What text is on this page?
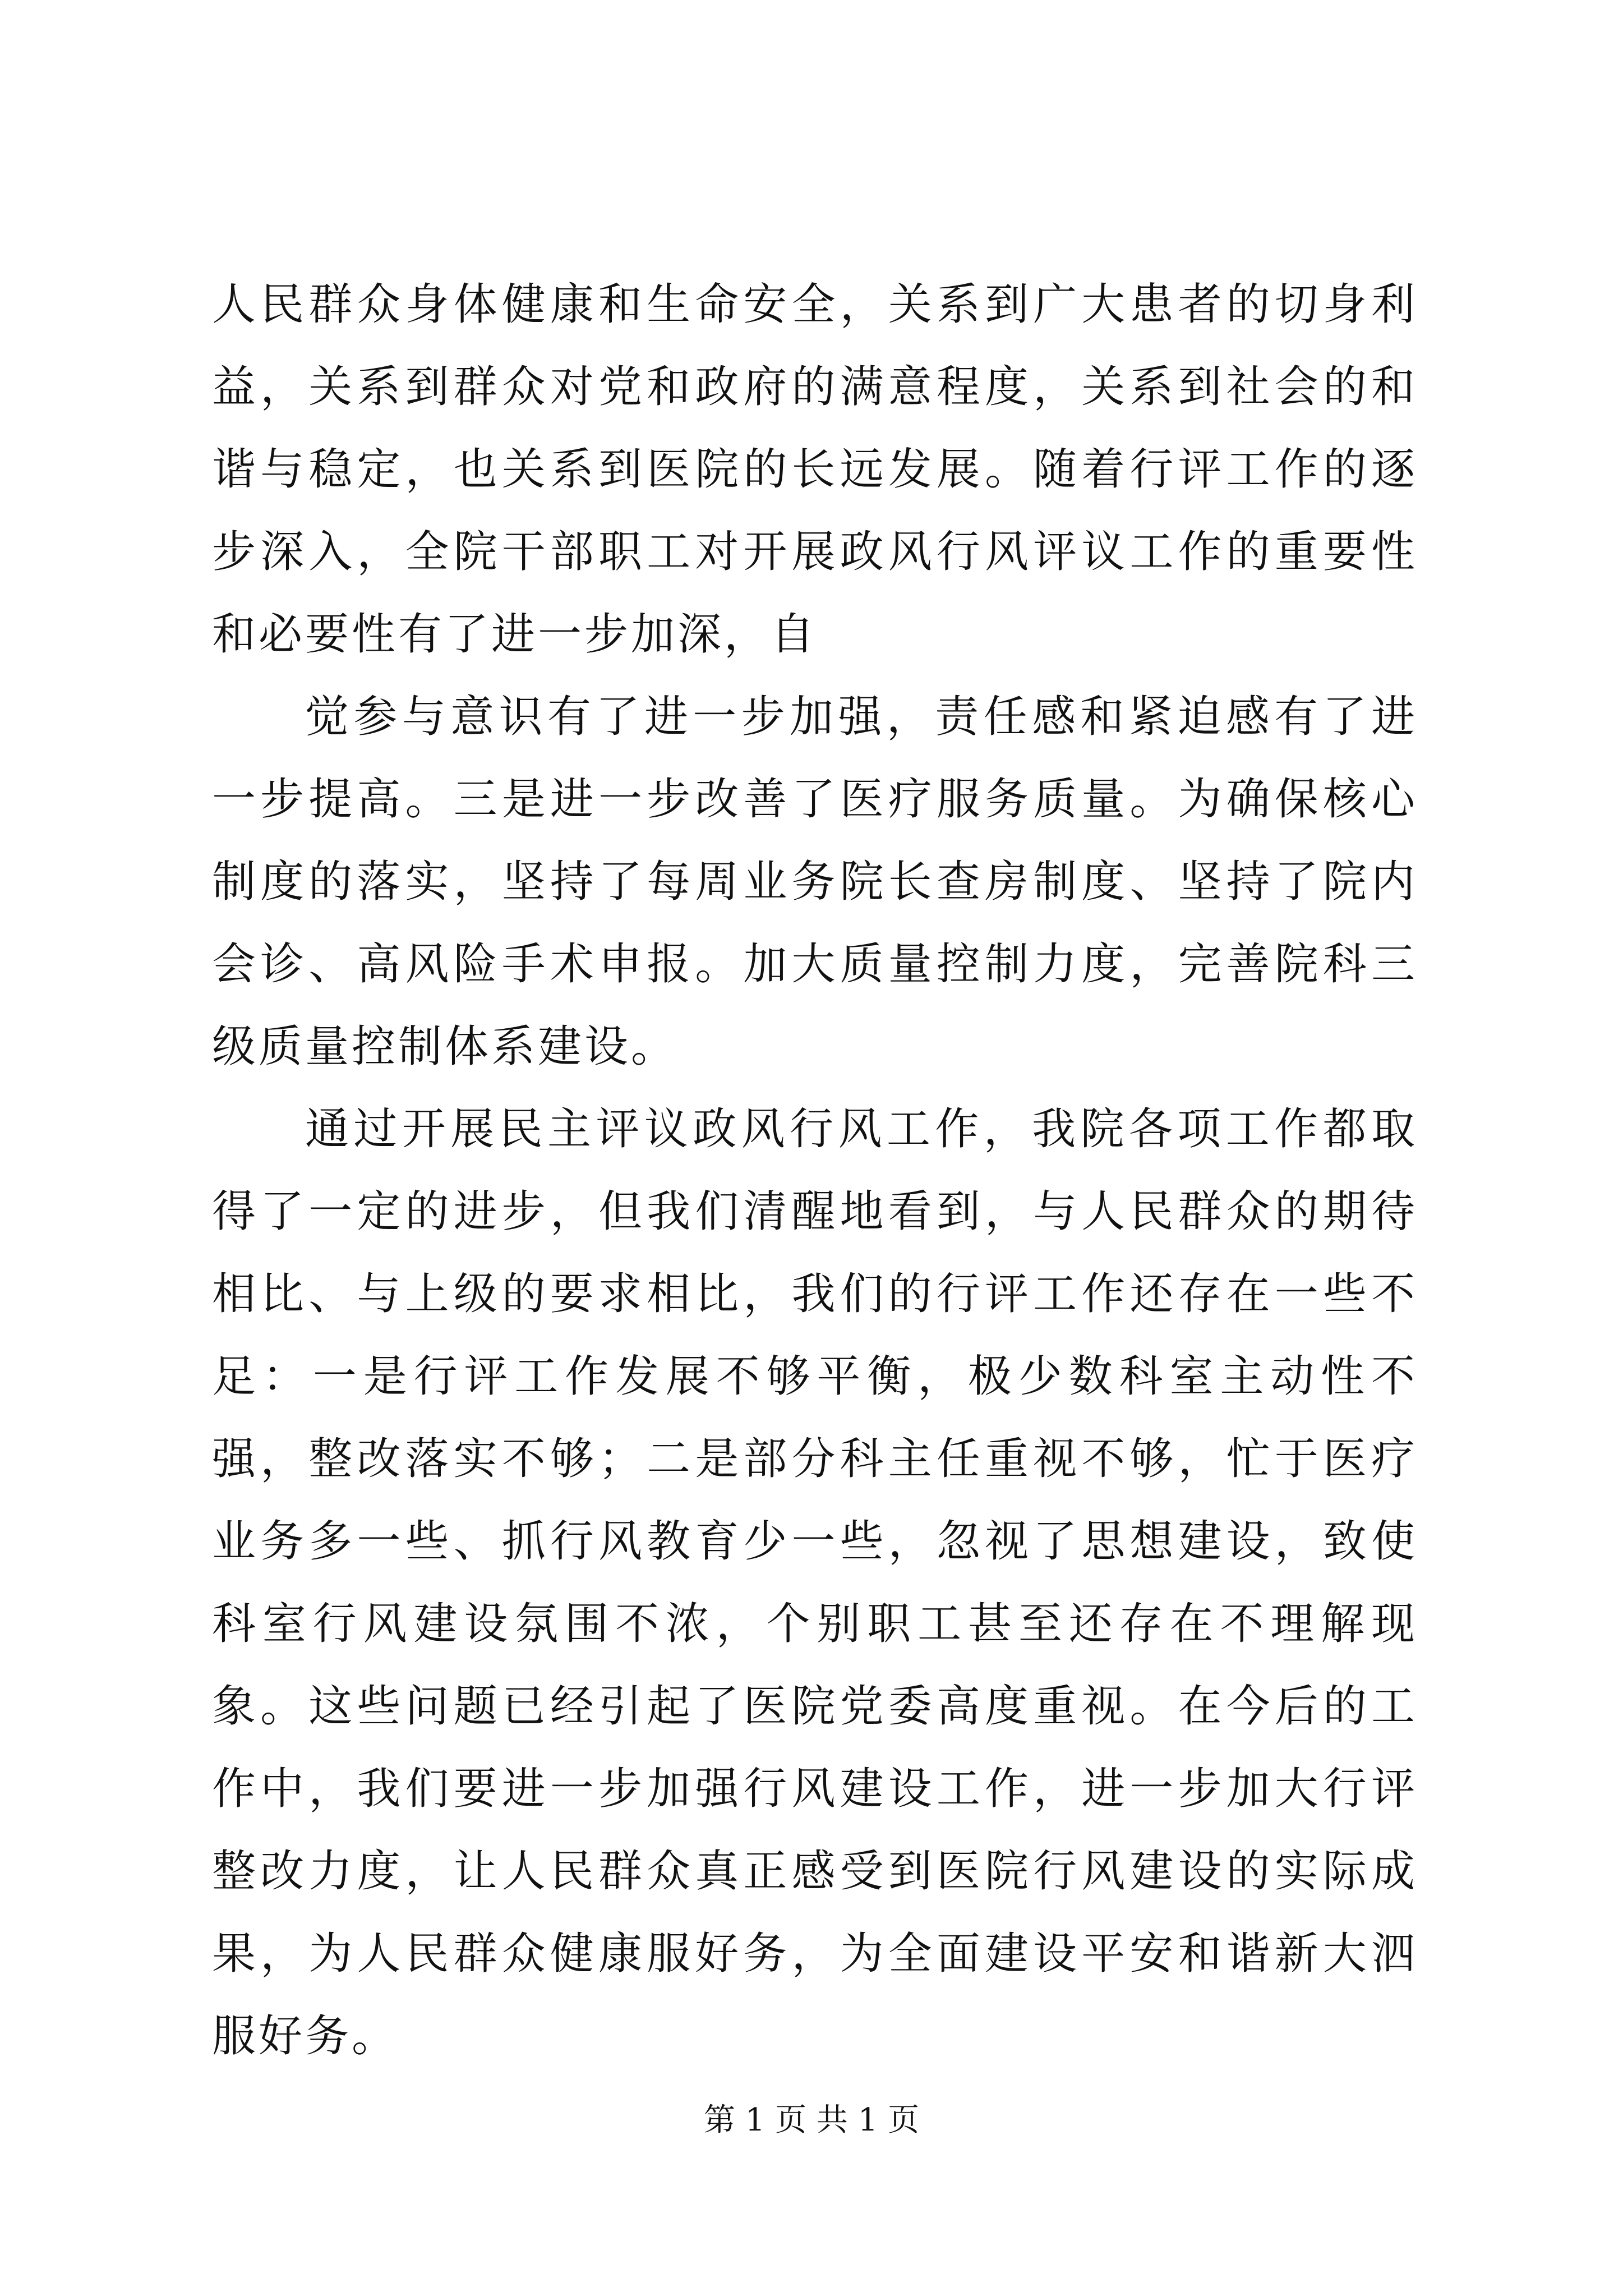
人民群众身体健康和生命安全，关系到广大患者的切身利益，关系到群众对党和政府的满意程度，关系到社会的和谐与稳定，也关系到医院的长远发展。随着行评工作的逐步深入，全院干部职工对开展政风行风评议工作的重要性和必要性有了进一步加深，自

觉参与意识有了进一步加强，责任感和紧迫感有了进一步提高。三是进一步改善了医疗服务质量。为确保核心制度的落实，坚持了每周业务院长查房制度、坚持了院内会诊、高风险手术申报。加大质量控制力度，完善院科三级质量控制体系建设。

通过开展民主评议政风行风工作，我院各项工作都取得了一定的进步，但我们清醒地看到，与人民群众的期待相比、与上级的要求相比，我们的行评工作还存在一些不足：一是行评工作发展不够平衡，极少数科室主动性不强，整改落实不够；二是部分科主任重视不够，忙于医疗业务多一些、抓行风教育少一些，忽视了思想建设，致使科室行风建设氛围不浓，个别职工甚至还存在不理解现象。这些问题已经引起了医院党委高度重视。在今后的工作中，我们要进一步加强行风建设工作，进一步加大行评整改力度，让人民群众真正感受到医院行风建设的实际成果，为人民群众健康服好务，为全面建设平安和谐新大泗服好务。

第 1 页 共 1 页
